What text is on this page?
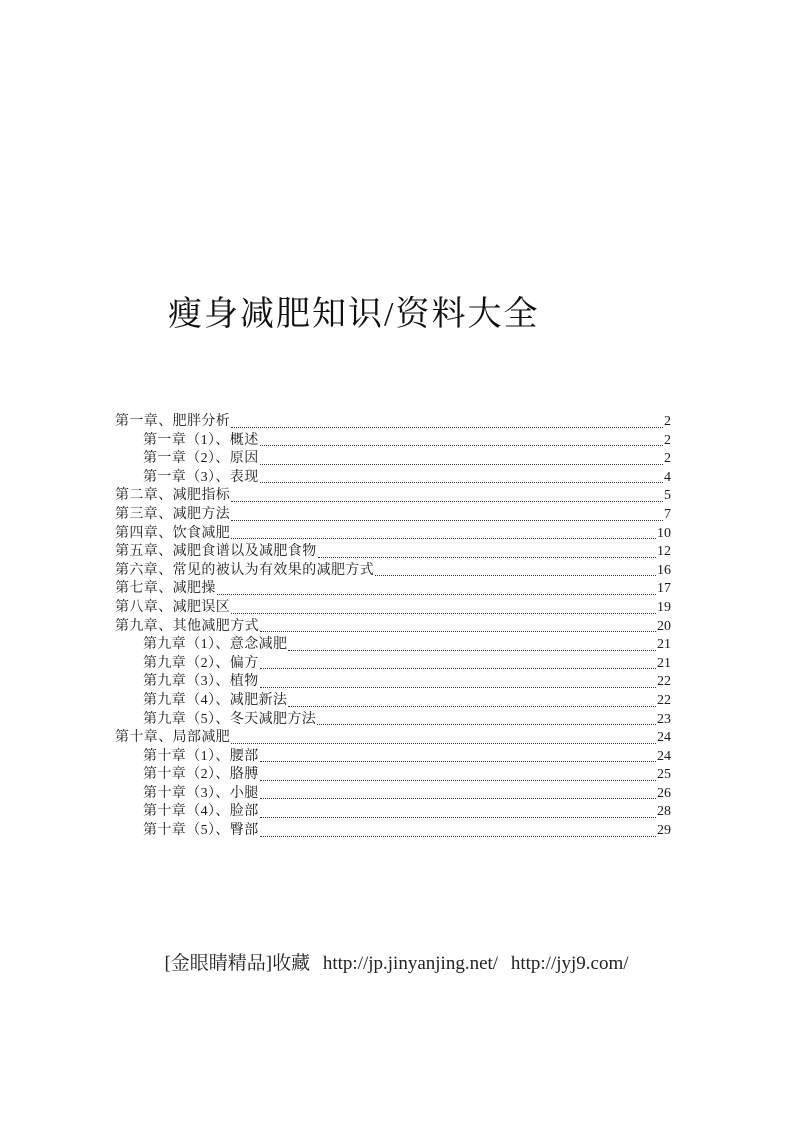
瘦身减肥知识/资料大全
第一章、肥胖分析	2
第一章（1）、概述	2
第一章（2）、原因	2
第一章（3）、表现	4
第二章、减肥指标	5
第三章、减肥方法	7
第四章、饮食减肥	10
第五章、减肥食谱以及减肥食物	12
第六章、常见的被认为有效果的减肥方式	16
第七章、减肥操	17
第八章、减肥误区	19
第九章、其他减肥方式	20
第九章（1）、意念减肥	21
第九章（2）、偏方	21
第九章（3）、植物	22
第九章（4）、减肥新法	22
第九章（5）、冬天减肥方法	23
第十章、局部减肥	24
第十章（1）、腰部	24
第十章（2）、胳膊	25
第十章（3）、小腿	26
第十章（4）、脸部	28
第十章（5）、臀部	29
[金眼睛精品]收藏 http://jp.jinyanjing.net/ http://jyj9.com/
